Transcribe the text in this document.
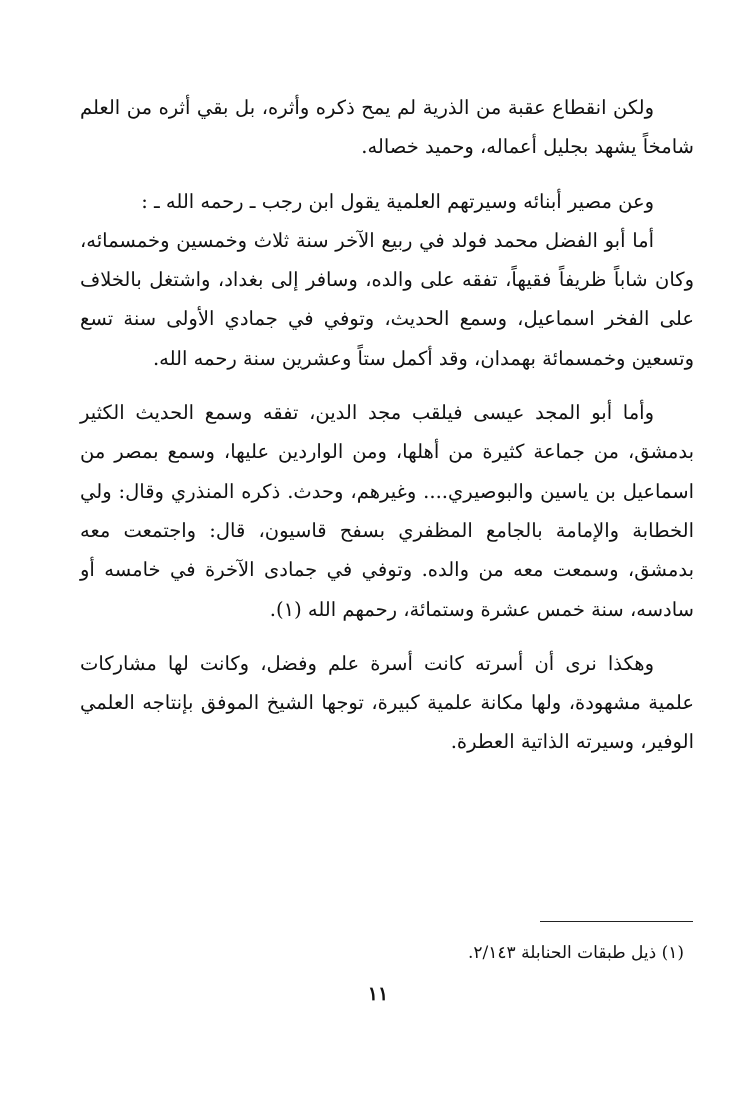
ولكن انقطاع عقبة من الذرية لم يمح ذكره وأثره، بل بقي أثره من العلم شامخاً يشهد بجليل أعماله، وحميد خصاله.

وعن مصير أبنائه وسيرتهم العلمية يقول ابن رجب ـ رحمه الله ـ :

أما أبو الفضل محمد فولد في ربيع الآخر سنة ثلاث وخمسين وخمسمائه، وكان شاباً ظريفاً فقيهاً، تفقه على والده، وسافر إلى بغداد، واشتغل بالخلاف على الفخر اسماعيل، وسمع الحديث، وتوفي في جمادي الأولى سنة تسع وتسعين وخمسمائة بهمدان، وقد أكمل ستاً وعشرين سنة رحمه الله.

وأما أبو المجد عيسى فيلقب مجد الدين، تفقه وسمع الحديث الكثير بدمشق، من جماعة كثيرة من أهلها، ومن الواردين عليها، وسمع بمصر من اسماعيل بن ياسين والبوصيري.... وغيرهم، وحدث. ذكره المنذري وقال: ولي الخطابة والإمامة بالجامع المظفري بسفح قاسيون، قال: واجتمعت معه بدمشق، وسمعت معه من والده. وتوفي في جمادى الآخرة في خامسه أو سادسه، سنة خمس عشرة وستمائة، رحمهم الله (١).

وهكذا نرى أن أسرته كانت أسرة علم وفضل، وكانت لها مشاركات علمية مشهودة، ولها مكانة علمية كبيرة، توجها الشيخ الموفق بإنتاجه العلمي الوفير، وسيرته الذاتية العطرة.

(١) ذيل طبقات الحنابلة ٢/١٤٣.
١١
